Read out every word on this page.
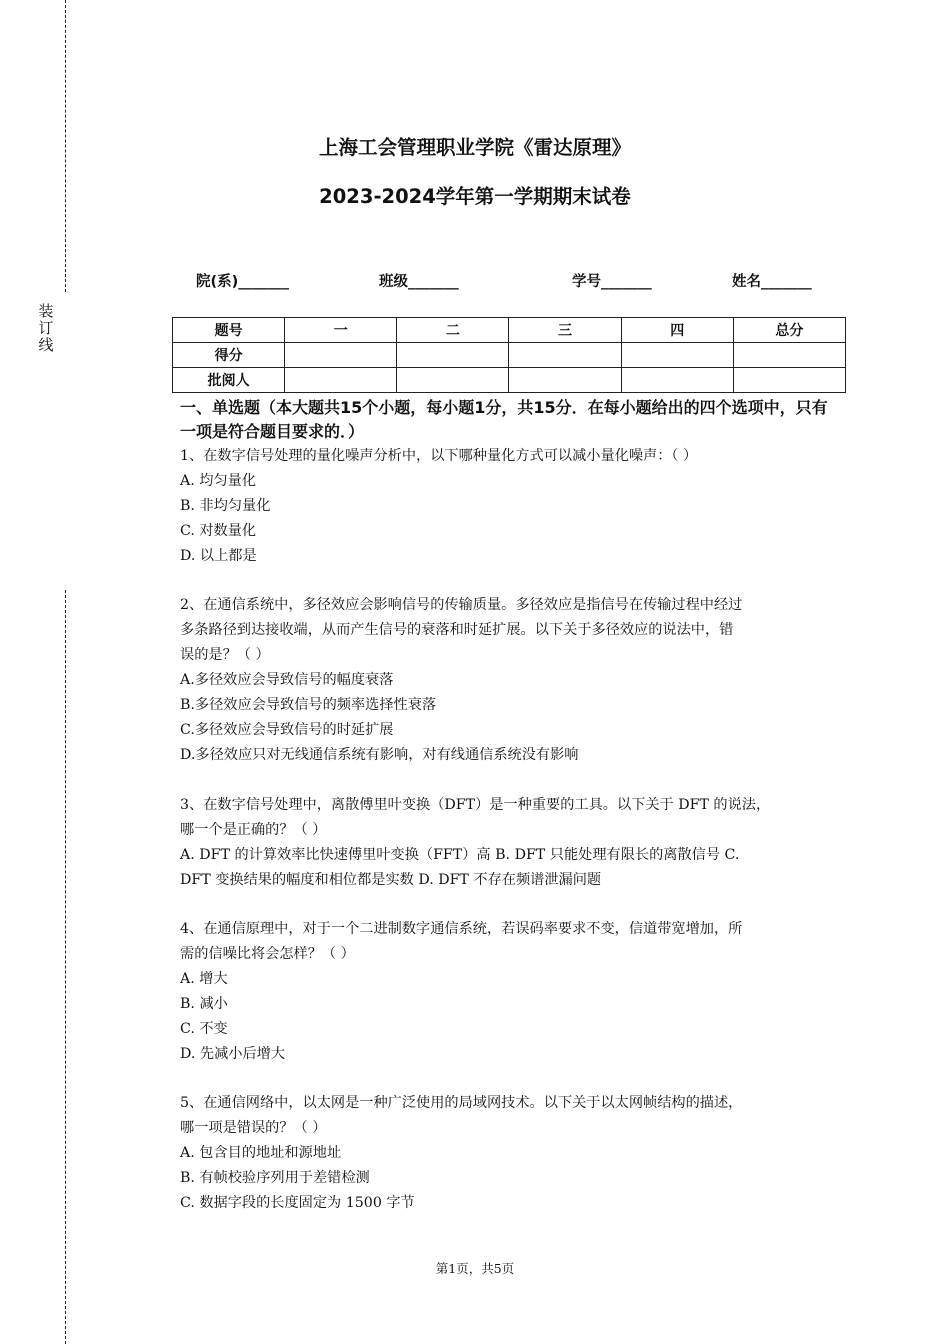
装
订
线
上海工会管理职业学院《雷达原理》
2023-2024学年第一学期期末试卷
院(系)_______	班级_______	学号_______	姓名_______
题号	一	二	三	四	总分
得分					
批阅人					
一、单选题（本大题共15个小题，每小题1分，共15分．在每小题给出的四个选项中，只有一项是符合题目要求的．）
1、在数字信号处理的量化噪声分析中，以下哪种量化方式可以减小量化噪声：（ ）
A. 均匀量化
B. 非均匀量化
C. 对数量化
D. 以上都是
2、在通信系统中，多径效应会影响信号的传输质量。多径效应是指信号在传输过程中经过
多条路径到达接收端，从而产生信号的衰落和时延扩展。以下关于多径效应的说法中，错
误的是？（ ）
A.多径效应会导致信号的幅度衰落
B.多径效应会导致信号的频率选择性衰落
C.多径效应会导致信号的时延扩展
D.多径效应只对无线通信系统有影响，对有线通信系统没有影响
3、在数字信号处理中，离散傅里叶变换（DFT）是一种重要的工具。以下关于 DFT 的说法，
哪一个是正确的？（ ）
A. DFT 的计算效率比快速傅里叶变换（FFT）高 B. DFT 只能处理有限长的离散信号 C.
DFT 变换结果的幅度和相位都是实数 D. DFT 不存在频谱泄漏问题
4、在通信原理中，对于一个二进制数字通信系统，若误码率要求不变，信道带宽增加，所
需的信噪比将会怎样？（ ）
A. 增大
B. 减小
C. 不变
D. 先减小后增大
5、在通信网络中，以太网是一种广泛使用的局域网技术。以下关于以太网帧结构的描述，
哪一项是错误的？（ ）
A. 包含目的地址和源地址
B. 有帧校验序列用于差错检测
C. 数据字段的长度固定为 1500 字节
第1页，共5页
